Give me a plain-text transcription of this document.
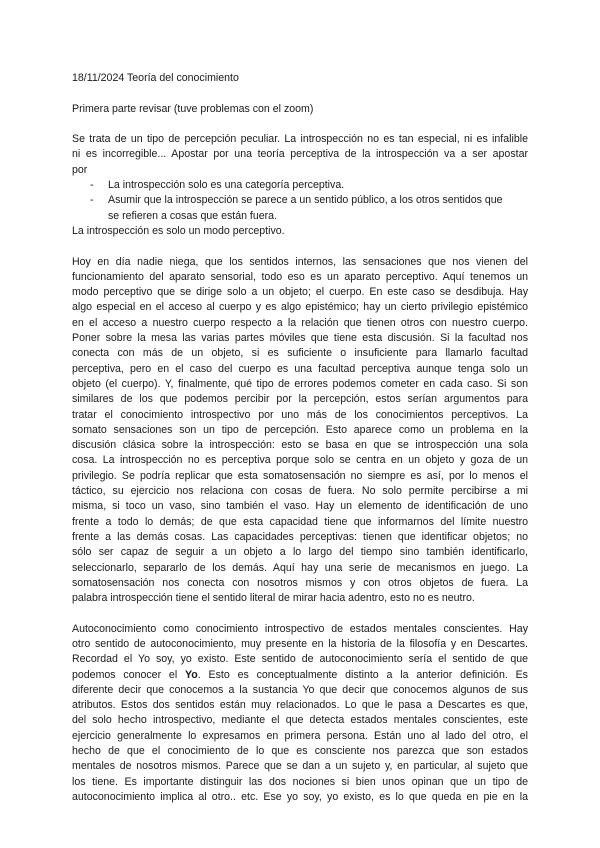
18/11/2024 Teoría del conocimiento

Primera parte revisar (tuve problemas con el zoom)

Se trata de un tipo de percepción peculiar. La introspección no es tan especial, ni es infalible

ni es incorregible... Apostar por una teoría perceptiva de la introspección va a ser apostar

por

- La introspección solo es una categoría perceptiva.

- Asumir que la introspección se parece a un sentido público, a los otros sentidos que

se refieren a cosas que están fuera.

La introspección es solo un modo perceptivo.

Hoy en día nadie niega, que los sentidos internos, las sensaciones que nos vienen del

funcionamiento del aparato sensorial, todo eso es un aparato perceptivo. Aquí tenemos un

modo perceptivo que se dirige solo a un objeto; el cuerpo. En este caso se desdibuja. Hay

algo especial en el acceso al cuerpo y es algo epistémico; hay un cierto privilegio epistémico

en el acceso a nuestro cuerpo respecto a la relación que tienen otros con nuestro cuerpo.

Poner sobre la mesa las varias partes móviles que tiene esta discusión. Si la facultad nos

conecta con más de un objeto, si es suficiente o insuficiente para llamarlo facultad

perceptiva, pero en el caso del cuerpo es una facultad perceptiva aunque tenga solo un

objeto (el cuerpo). Y, finalmente, qué tipo de errores podemos cometer en cada caso. Si son

similares de los que podemos percibir por la percepción, estos serían argumentos para

tratar el conocimiento introspectivo por uno más de los conocimientos perceptivos. La

somato sensaciones son un tipo de percepción. Esto aparece como un problema en la

discusión clásica sobre la introspección: esto se basa en que se introspección una sola

cosa. La introspección no es perceptiva porque solo se centra en un objeto y goza de un

privilegio. Se podría replicar que esta somatosensación no siempre es así, por lo menos el

táctico, su ejercicio nos relaciona con cosas de fuera. No solo permite percibirse a mi

misma, si toco un vaso, sino también el vaso. Hay un elemento de identificación de uno

frente a todo lo demás; de que esta capacidad tiene que informarnos del límite nuestro

frente a las demás cosas. Las capacidades perceptivas: tienen que identificar objetos; no

sólo ser capaz de seguir a un objeto a lo largo del tiempo sino también identificarlo,

seleccionarlo, separarlo de los demás. Aquí hay una serie de mecanismos en juego. La

somatosensación nos conecta con nosotros mismos y con otros objetos de fuera. La

palabra introspección tiene el sentido literal de mirar hacia adentro, esto no es neutro.

Autoconocimiento como conocimiento introspectivo de estados mentales conscientes. Hay

otro sentido de autoconocimiento, muy presente en la historia de la filosofía y en Descartes.

Recordad el Yo soy, yo existo. Este sentido de autoconocimiento sería el sentido de que

podemos conocer el Yo. Esto es conceptualmente distinto a la anterior definición. Es

diferente decir que conocemos a la sustancia Yo que decir que conocemos algunos de sus

atributos. Estos dos sentidos están muy relacionados. Lo que le pasa a Descartes es que,

del solo hecho introspectivo, mediante el que detecta estados mentales conscientes, este

ejercicio generalmente lo expresamos en primera persona. Están uno al lado del otro, el

hecho de que el conocimiento de lo que es consciente nos parezca que son estados

mentales de nosotros mismos. Parece que se dan a un sujeto y, en particular, al sujeto que

los tiene. Es importante distinguir las dos nociones si bien unos opinan que un tipo de

autoconocimiento implica al otro.. etc. Ese yo soy, yo existo, es lo que queda en pie en la
